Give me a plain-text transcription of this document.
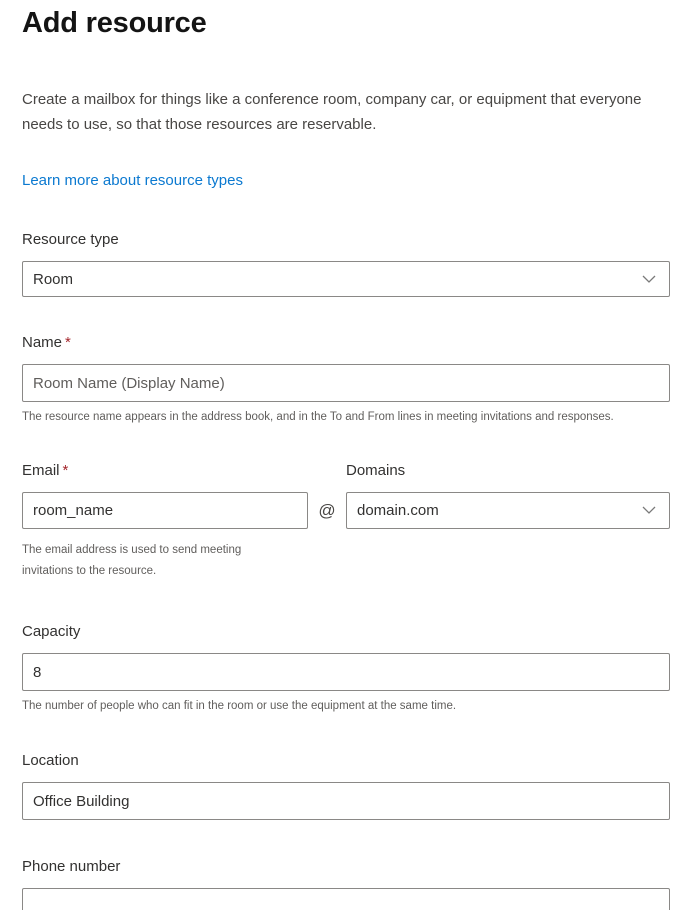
Add resource

Create a mailbox for things like a conference room, company car, or equipment that everyone needs to use, so that those resources are reservable.

Learn more about resource types
Resource type
Room
Name *
Room Name (Display Name)
The resource name appears in the address book, and in the To and From lines in meeting invitations and responses.
Email *	Domains
room_name
@	domain.com
The email address is used to send meeting
invitations to the resource.
Capacity
8
The number of people who can fit in the room or use the equipment at the same time.
Location
Office Building
Phone number
